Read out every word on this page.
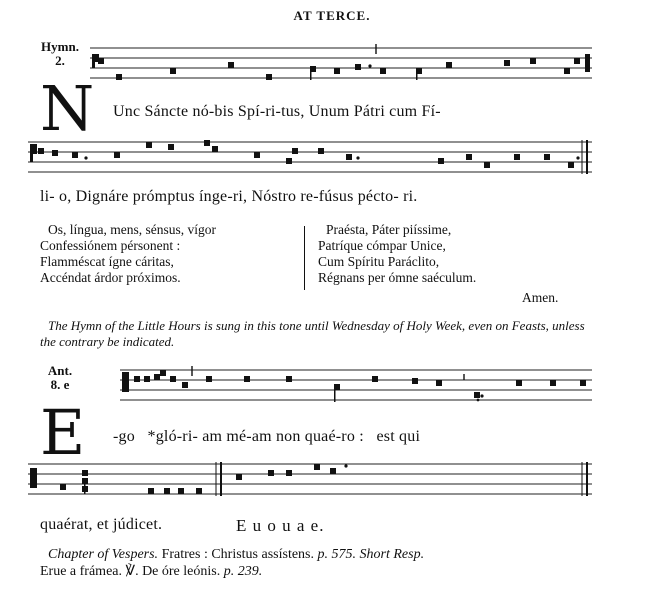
AT TERCE.
Hymn.
2.
N Unc Sáncte nó-bis Spí-ri-tus, Unum Pátri cum Fí-
li- o, Dignáre prómptus ínge-ri, Nóstro re-fúsus pécto- ri.
Os, língua, mens, sénsus, vígor
Confessiónem pérsonent :
Flamméscat ígne cáritas,
Accéndat árdor próximos.
Praésta, Páter piíssime,
Patríque cómpar Unice,
Cum Spíritu Paráclito,
Régnans per ómne saéculum.
Amen.
The Hymn of the Little Hours is sung in this tone until Wednesday of Holy Week, even on Feasts, unless the contrary be indicated.
Ant.
8. e
E -go   *gló-ri- am mé-am non quaé-ro :   est qui
quaérat, et júdicet.	E u o u a e.
Chapter of Vespers. Fratres : Christus assístens. p. 575. Short Resp.
Erue a frámea. ℣. De óre leónis. p. 239.
